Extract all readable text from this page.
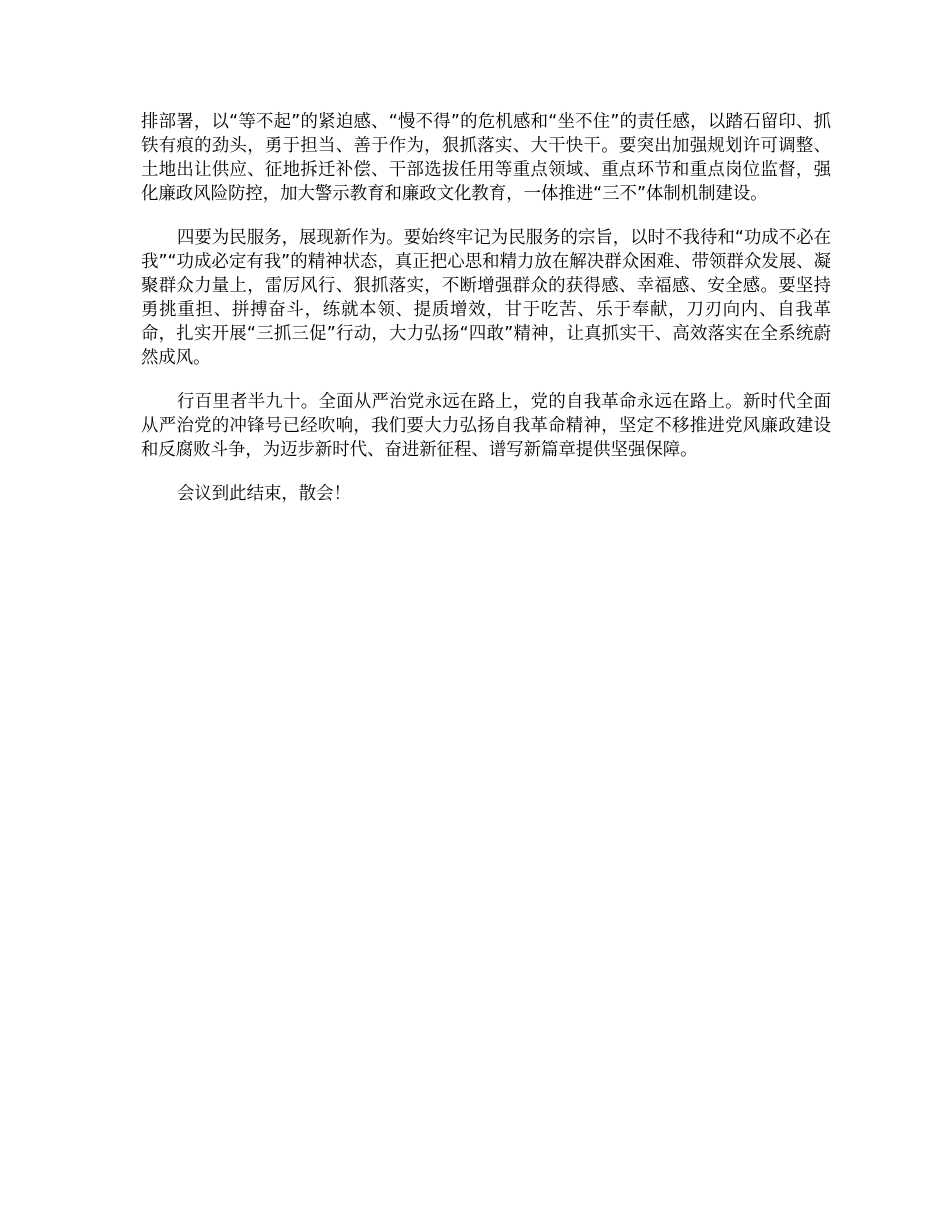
排部署，以“等不起”的紧迫感、“慢不得”的危机感和“坐不住”的责任感，以踏石留印、抓铁有痕的劲头，勇于担当、善于作为，狠抓落实、大干快干。要突出加强规划许可调整、土地出让供应、征地拆迁补偿、干部选拔任用等重点领域、重点环节和重点岗位监督，强化廉政风险防控，加大警示教育和廉政文化教育，一体推进“三不”体制机制建设。

四要为民服务，展现新作为。要始终牢记为民服务的宗旨，以时不我待和“功成不必在我”“功成必定有我”的精神状态，真正把心思和精力放在解决群众困难、带领群众发展、凝聚群众力量上，雷厉风行、狠抓落实，不断增强群众的获得感、幸福感、安全感。要坚持勇挑重担、拼搏奋斗，练就本领、提质增效，甘于吃苦、乐于奉献，刀刃向内、自我革命，扎实开展“三抓三促”行动，大力弘扬“四敢”精神，让真抓实干、高效落实在全系统蔚然成风。

行百里者半九十。全面从严治党永远在路上，党的自我革命永远在路上。新时代全面从严治党的冲锋号已经吹响，我们要大力弘扬自我革命精神，坚定不移推进党风廉政建设和反腐败斗争，为迈步新时代、奋进新征程、谱写新篇章提供坚强保障。

会议到此结束，散会！
